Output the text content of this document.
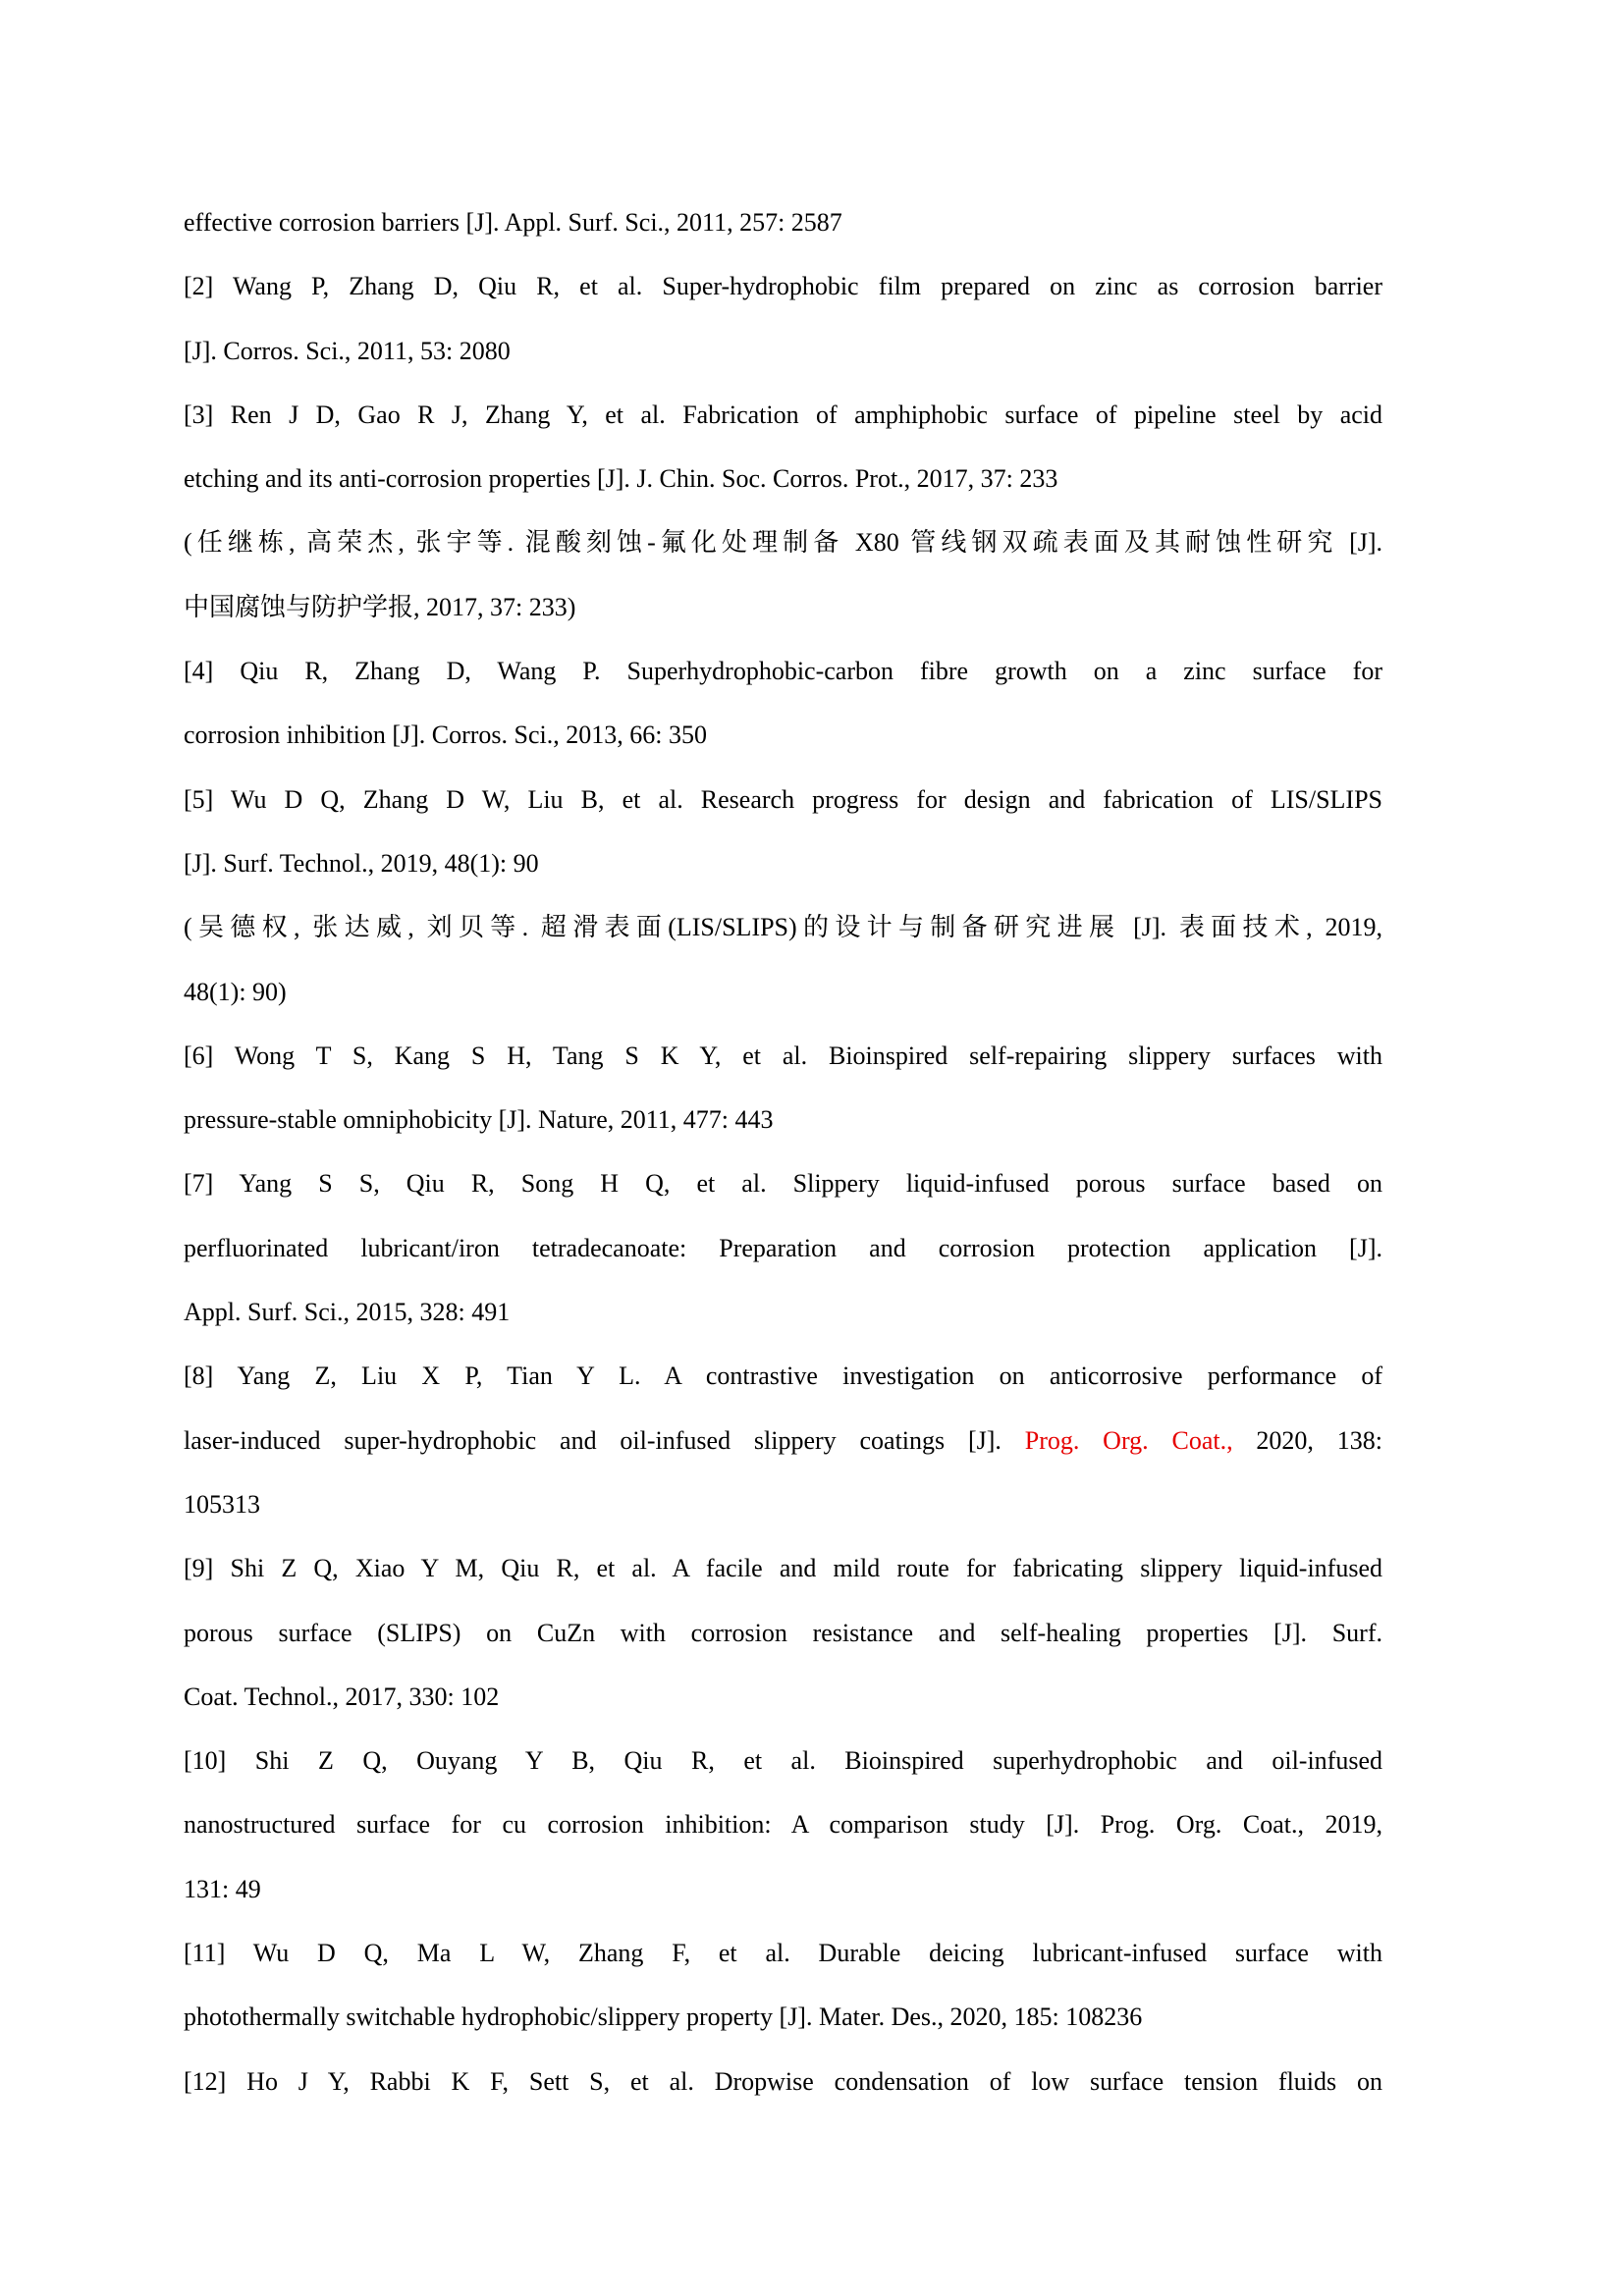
effective corrosion barriers [J]. Appl. Surf. Sci., 2011, 257: 2587
[2] Wang P, Zhang D, Qiu R, et al. Super-hydrophobic film prepared on zinc as corrosion barrier
[J]. Corros. Sci., 2011, 53: 2080
[3] Ren J D, Gao R J, Zhang Y, et al. Fabrication of amphiphobic surface of pipeline steel by acid
etching and its anti-corrosion properties [J]. J. Chin. Soc. Corros. Prot., 2017, 37: 233
(任继栋, 高荣杰, 张宇等. 混酸刻蚀-氟化处理制备 X80 管线钢双疏表面及其耐蚀性研究 [J].
中国腐蚀与防护学报, 2017, 37: 233)
[4] Qiu R, Zhang D, Wang P. Superhydrophobic-carbon fibre growth on a zinc surface for
corrosion inhibition [J]. Corros. Sci., 2013, 66: 350
[5] Wu D Q, Zhang D W, Liu B, et al. Research progress for design and fabrication of LIS/SLIPS
[J]. Surf. Technol., 2019, 48(1): 90
(吴德权, 张达威, 刘贝等. 超滑表面(LIS/SLIPS)的设计与制备研究进展 [J]. 表面技术, 2019,
48(1): 90)
[6] Wong T S, Kang S H, Tang S K Y, et al. Bioinspired self-repairing slippery surfaces with
pressure-stable omniphobicity [J]. Nature, 2011, 477: 443
[7] Yang S S, Qiu R, Song H Q, et al. Slippery liquid-infused porous surface based on
perfluorinated lubricant/iron tetradecanoate: Preparation and corrosion protection application [J].
Appl. Surf. Sci., 2015, 328: 491
[8] Yang Z, Liu X P, Tian Y L. A contrastive investigation on anticorrosive performance of
laser-induced super-hydrophobic and oil-infused slippery coatings [J]. Prog. Org. Coat., 2020, 138:
105313
[9] Shi Z Q, Xiao Y M, Qiu R, et al. A facile and mild route for fabricating slippery liquid-infused
porous surface (SLIPS) on CuZn with corrosion resistance and self-healing properties [J]. Surf.
Coat. Technol., 2017, 330: 102
[10] Shi Z Q, Ouyang Y B, Qiu R, et al. Bioinspired superhydrophobic and oil-infused
nanostructured surface for cu corrosion inhibition: A comparison study [J]. Prog. Org. Coat., 2019,
131: 49
[11] Wu D Q, Ma L W, Zhang F, et al. Durable deicing lubricant-infused surface with
photothermally switchable hydrophobic/slippery property [J]. Mater. Des., 2020, 185: 108236
[12] Ho J Y, Rabbi K F, Sett S, et al. Dropwise condensation of low surface tension fluids on
